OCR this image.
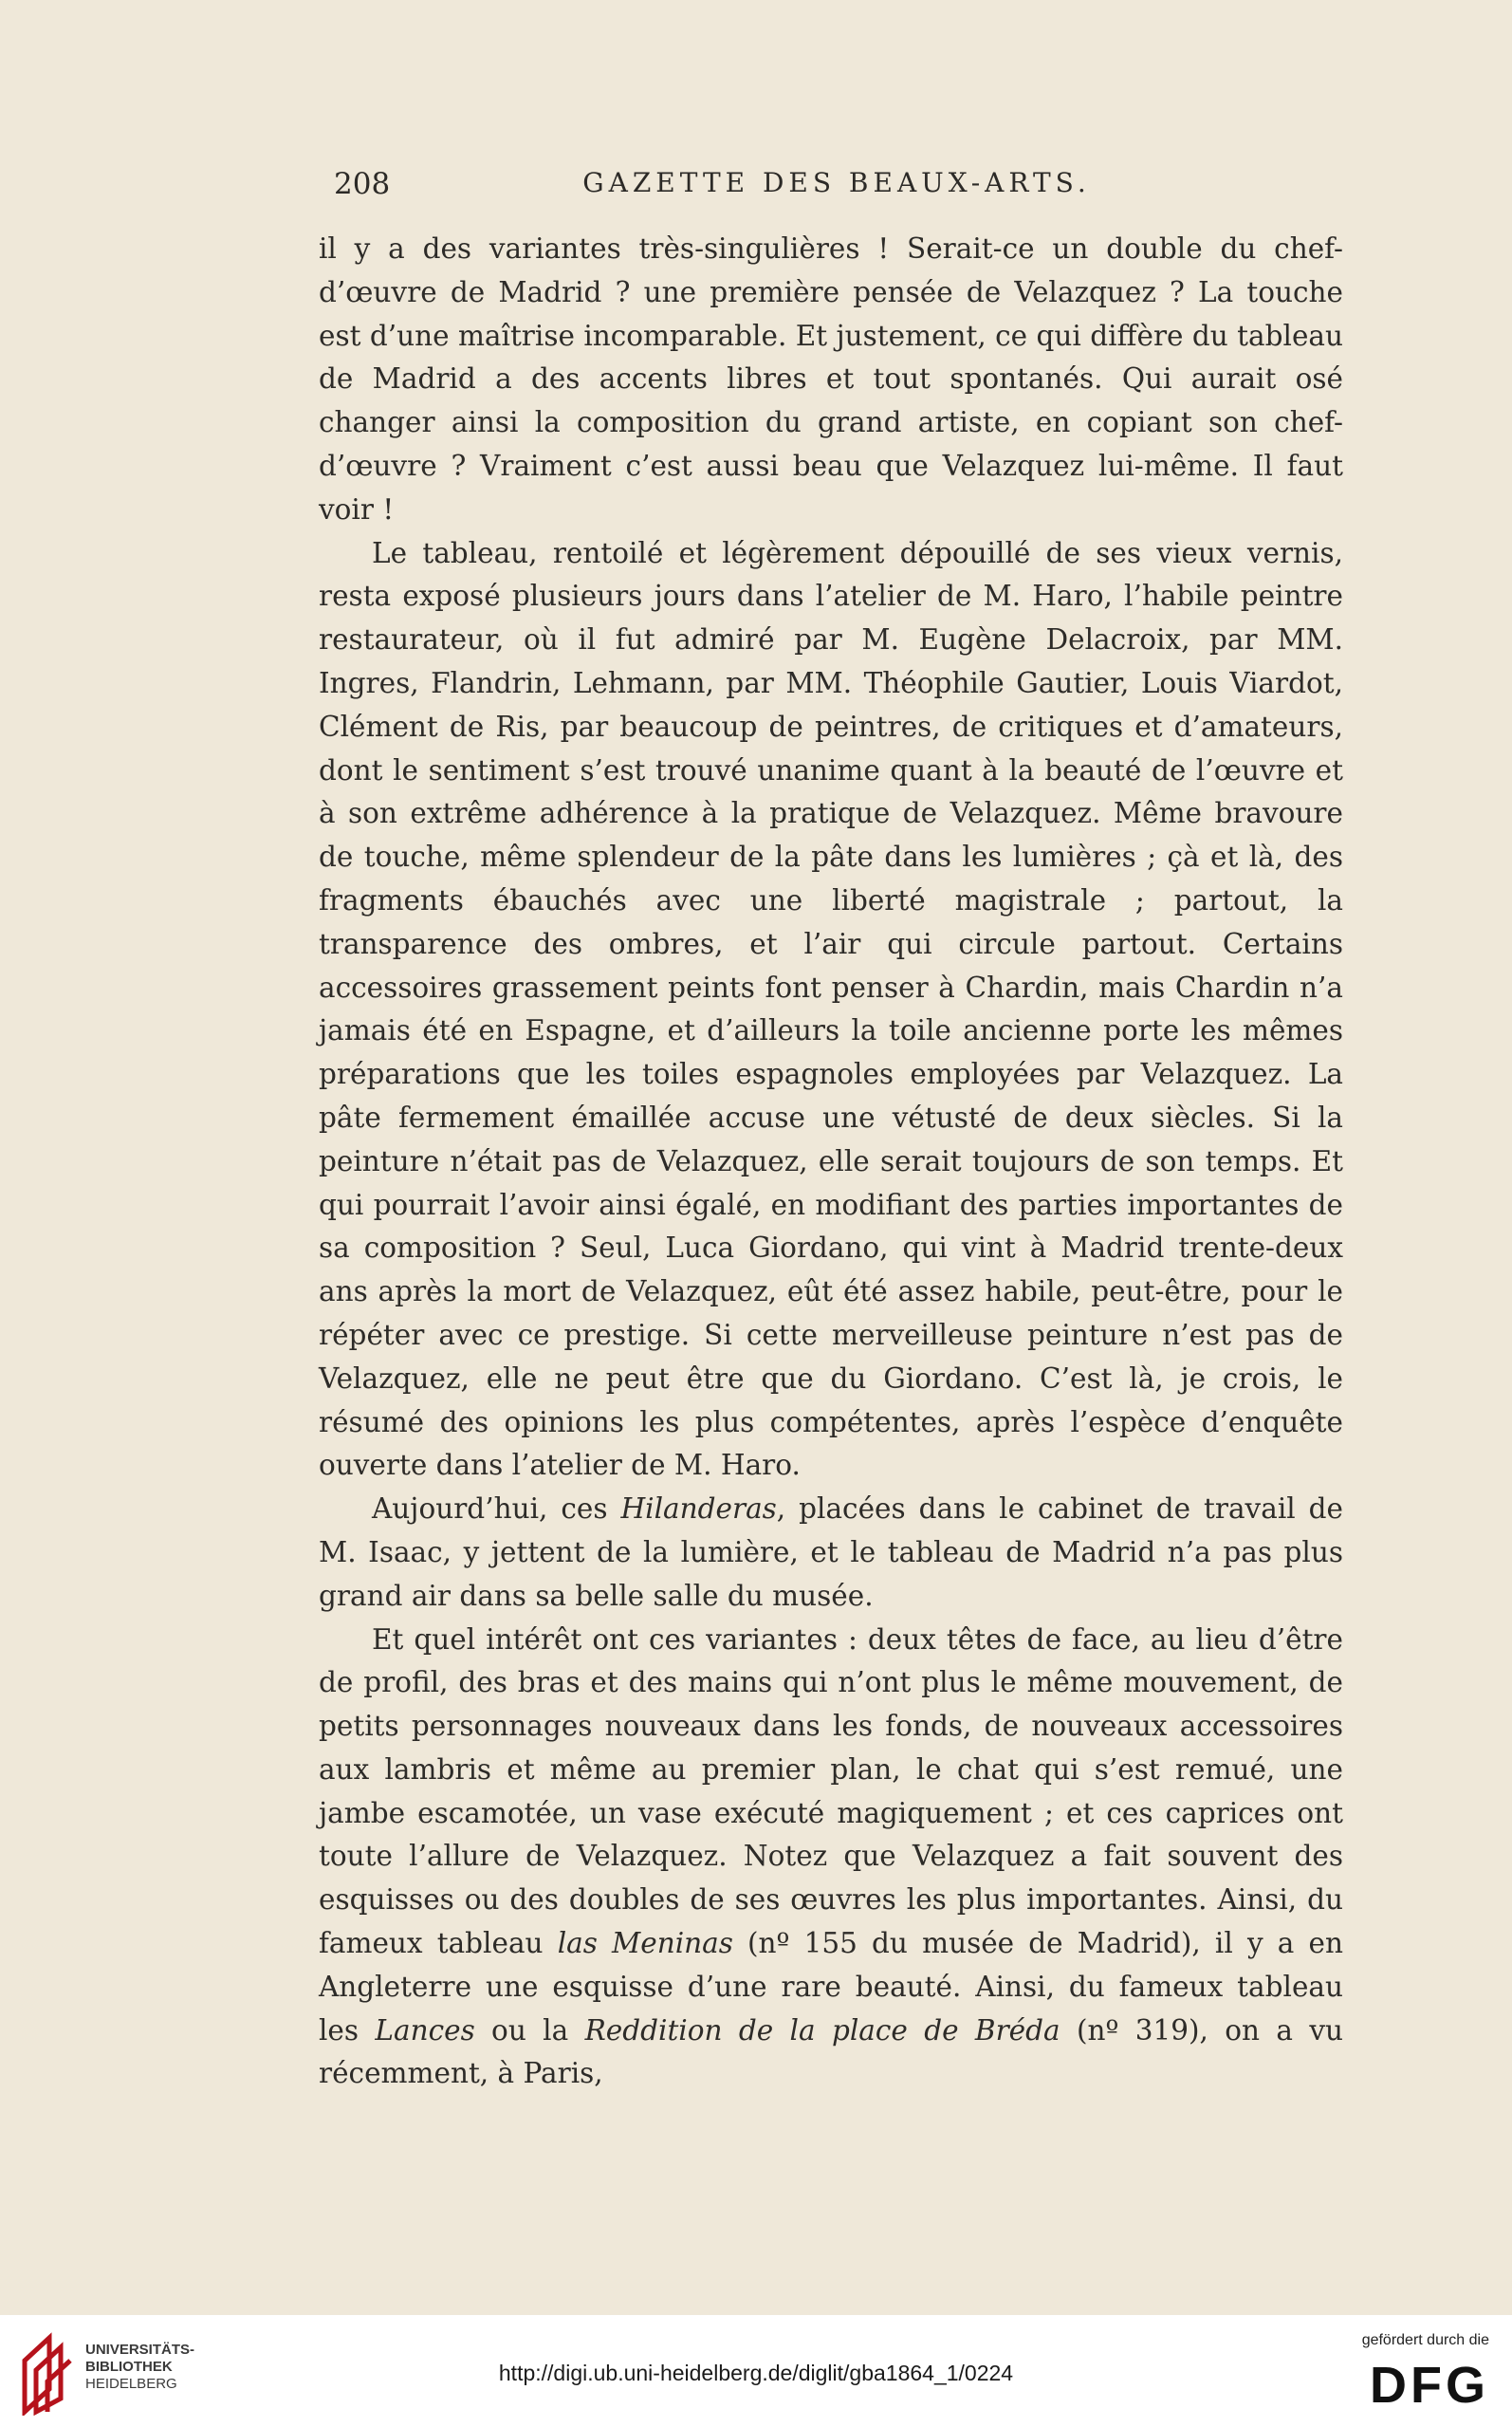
208	GAZETTE DES BEAUX-ARTS.

il y a des variantes très-singulières ! Serait-ce un double du chef-d’œuvre de Madrid ? une première pensée de Velazquez ? La touche est d’une maîtrise incomparable. Et justement, ce qui diffère du tableau de Madrid a des accents libres et tout spontanés. Qui aurait osé changer ainsi la composition du grand artiste, en copiant son chef-d’œuvre ? Vraiment c’est aussi beau que Velazquez lui-même. Il faut voir !

Le tableau, rentoilé et légèrement dépouillé de ses vieux vernis, resta exposé plusieurs jours dans l’atelier de M. Haro, l’habile peintre restaurateur, où il fut admiré par M. Eugène Delacroix, par MM. Ingres, Flandrin, Lehmann, par MM. Théophile Gautier, Louis Viardot, Clément de Ris, par beaucoup de peintres, de critiques et d’amateurs, dont le sentiment s’est trouvé unanime quant à la beauté de l’œuvre et à son extrême adhérence à la pratique de Velazquez. Même bravoure de touche, même splendeur de la pâte dans les lumières ; çà et là, des fragments ébauchés avec une liberté magistrale ; partout, la transparence des ombres, et l’air qui circule partout. Certains accessoires grassement peints font penser à Chardin, mais Chardin n’a jamais été en Espagne, et d’ailleurs la toile ancienne porte les mêmes préparations que les toiles espagnoles employées par Velazquez. La pâte fermement émaillée accuse une vétusté de deux siècles. Si la peinture n’était pas de Velazquez, elle serait toujours de son temps. Et qui pourrait l’avoir ainsi égalé, en modifiant des parties importantes de sa composition ? Seul, Luca Giordano, qui vint à Madrid trente-deux ans après la mort de Velazquez, eût été assez habile, peut-être, pour le répéter avec ce prestige. Si cette merveilleuse peinture n’est pas de Velazquez, elle ne peut être que du Giordano. C’est là, je crois, le résumé des opinions les plus compétentes, après l’espèce d’enquête ouverte dans l’atelier de M. Haro.

Aujourd’hui, ces Hilanderas, placées dans le cabinet de travail de M. Isaac, y jettent de la lumière, et le tableau de Madrid n’a pas plus grand air dans sa belle salle du musée.

Et quel intérêt ont ces variantes : deux têtes de face, au lieu d’être de profil, des bras et des mains qui n’ont plus le même mouvement, de petits personnages nouveaux dans les fonds, de nouveaux accessoires aux lambris et même au premier plan, le chat qui s’est remué, une jambe escamotée, un vase exécuté magiquement ; et ces caprices ont toute l’allure de Velazquez. Notez que Velazquez a fait souvent des esquisses ou des doubles de ses œuvres les plus importantes. Ainsi, du fameux tableau las Meninas (nº 155 du musée de Madrid), il y a en Angleterre une esquisse d’une rare beauté. Ainsi, du fameux tableau les Lances ou la Reddition de la place de Bréda (nº 319), on a vu récemment, à Paris,

UNIVERSITÄTS-
BIBLIOTHEK
HEIDELBERG	http://digi.ub.uni-heidelberg.de/diglit/gba1864_1/0224
gefördert durch die
DFG
